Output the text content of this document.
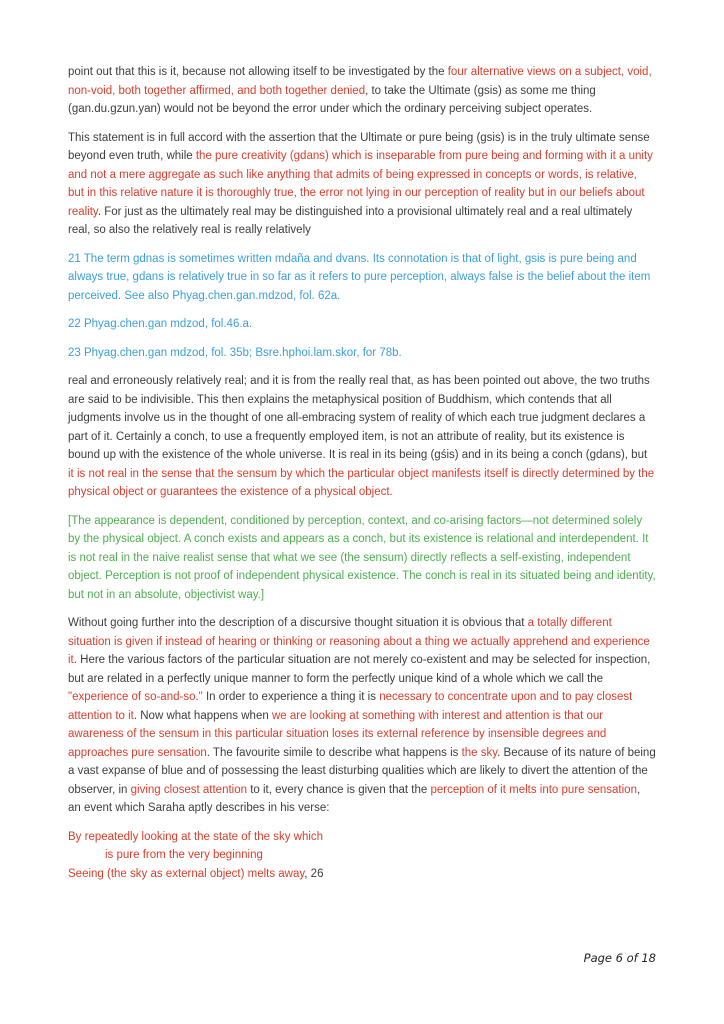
point out that this is it, because not allowing itself to be investigated by the four alternative views on a subject, void, non-void, both together affirmed, and both together denied, to take the Ultimate (gsis) as some me thing (gan.du.gzun.yan) would not be beyond the error under which the ordinary perceiving subject operates.

This statement is in full accord with the assertion that the Ultimate or pure being (gsis) is in the truly ultimate sense beyond even truth, while the pure creativity (gdans) which is inseparable from pure being and forming with it a unity and not a mere aggregate as such like anything that admits of being expressed in concepts or words, is relative, but in this relative nature it is thoroughly true, the error not lying in our perception of reality but in our beliefs about reality. For just as the ultimately real may be distinguished into a provisional ultimately real and a real ultimately real, so also the relatively real is really relatively

21 The term gdnas is sometimes written mdaña and dvans. Its connotation is that of light, gsis is pure being and always true, gdans is relatively true in so far as it refers to pure perception, always false is the belief about the item perceived. See also Phyag.chen.gan.mdzod, fol. 62a.

22 Phyag.chen.gan mdzod, fol.46.a.

23 Phyag.chen.gan mdzod, fol. 35b; Bsre.hphoi.lam.skor, for 78b.

real and erroneously relatively real; and it is from the really real that, as has been pointed out above, the two truths are said to be indivisible. This then explains the metaphysical position of Buddhism, which contends that all judgments involve us in the thought of one all-embracing system of reality of which each true judgment declares a part of it. Certainly a conch, to use a frequently employed item, is not an attribute of reality, but its existence is bound up with the existence of the whole universe. It is real in its being (gśis) and in its being a conch (gdans), but it is not real in the sense that the sensum by which the particular object manifests itself is directly determined by the physical object or guarantees the existence of a physical object.

[The appearance is dependent, conditioned by perception, context, and co-arising factors—not determined solely by the physical object. A conch exists and appears as a conch, but its existence is relational and interdependent. It is not real in the naive realist sense that what we see (the sensum) directly reflects a self-existing, independent object. Perception is not proof of independent physical existence. The conch is real in its situated being and identity, but not in an absolute, objectivist way.]

Without going further into the description of a discursive thought situation it is obvious that a totally different situation is given if instead of hearing or thinking or reasoning about a thing we actually apprehend and experience it. Here the various factors of the particular situation are not merely co-existent and may be selected for inspection, but are related in a perfectly unique manner to form the perfectly unique kind of a whole which we call the "experience of so-and-so." In order to experience a thing it is necessary to concentrate upon and to pay closest attention to it. Now what happens when we are looking at something with interest and attention is that our awareness of the sensum in this particular situation loses its external reference by insensible degrees and approaches pure sensation. The favourite simile to describe what happens is the sky. Because of its nature of being a vast expanse of blue and of possessing the least disturbing qualities which are likely to divert the attention of the observer, in giving closest attention to it, every chance is given that the perception of it melts into pure sensation, an event which Saraha aptly describes in his verse:

By repeatedly looking at the state of the sky which

is pure from the very beginning

Seeing (the sky as external object) melts away, 26

Page 6 of 18
